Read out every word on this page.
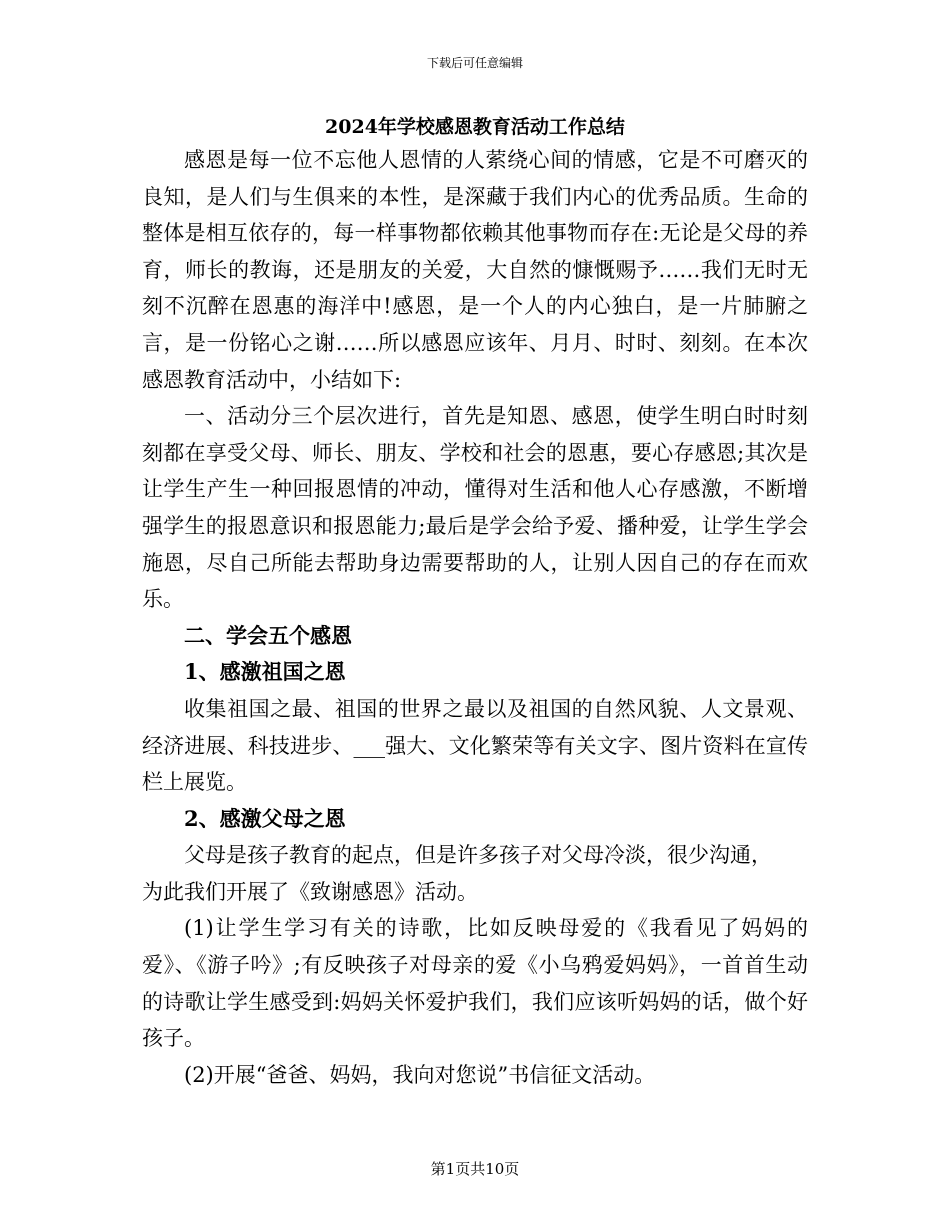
下载后可任意编辑
2024年学校感恩教育活动工作总结

感恩是每一位不忘他人恩情的人萦绕心间的情感，它是不可磨灭的良知，是人们与生俱来的本性，是深藏于我们内心的优秀品质。生命的整体是相互依存的，每一样事物都依赖其他事物而存在:无论是父母的养育，师长的教诲，还是朋友的关爱，大自然的慷慨赐予……我们无时无刻不沉醉在恩惠的海洋中!感恩，是一个人的内心独白，是一片肺腑之言，是一份铭心之谢……所以感恩应该年、月月、时时、刻刻。在本次感恩教育活动中，小结如下:

一、活动分三个层次进行，首先是知恩、感恩，使学生明白时时刻刻都在享受父母、师长、朋友、学校和社会的恩惠，要心存感恩;其次是让学生产生一种回报恩情的冲动，懂得对生活和他人心存感激，不断增强学生的报恩意识和报恩能力;最后是学会给予爱、播种爱，让学生学会施恩，尽自己所能去帮助身边需要帮助的人，让别人因自己的存在而欢乐。

二、学会五个感恩

1、感激祖国之恩

收集祖国之最、祖国的世界之最以及祖国的自然风貌、人文景观、经济进展、科技进步、___强大、文化繁荣等有关文字、图片资料在宣传栏上展览。

2、感激父母之恩

父母是孩子教育的起点，但是许多孩子对父母冷淡，很少沟通，

为此我们开展了《致谢感恩》活动。

(1)让学生学习有关的诗歌，比如反映母爱的《我看见了妈妈的爱》、《游子吟》;有反映孩子对母亲的爱《小乌鸦爱妈妈》，一首首生动的诗歌让学生感受到:妈妈关怀爱护我们，我们应该听妈妈的话，做个好孩子。

(2)开展“爸爸、妈妈，我向对您说”书信征文活动。

第1页共10页
